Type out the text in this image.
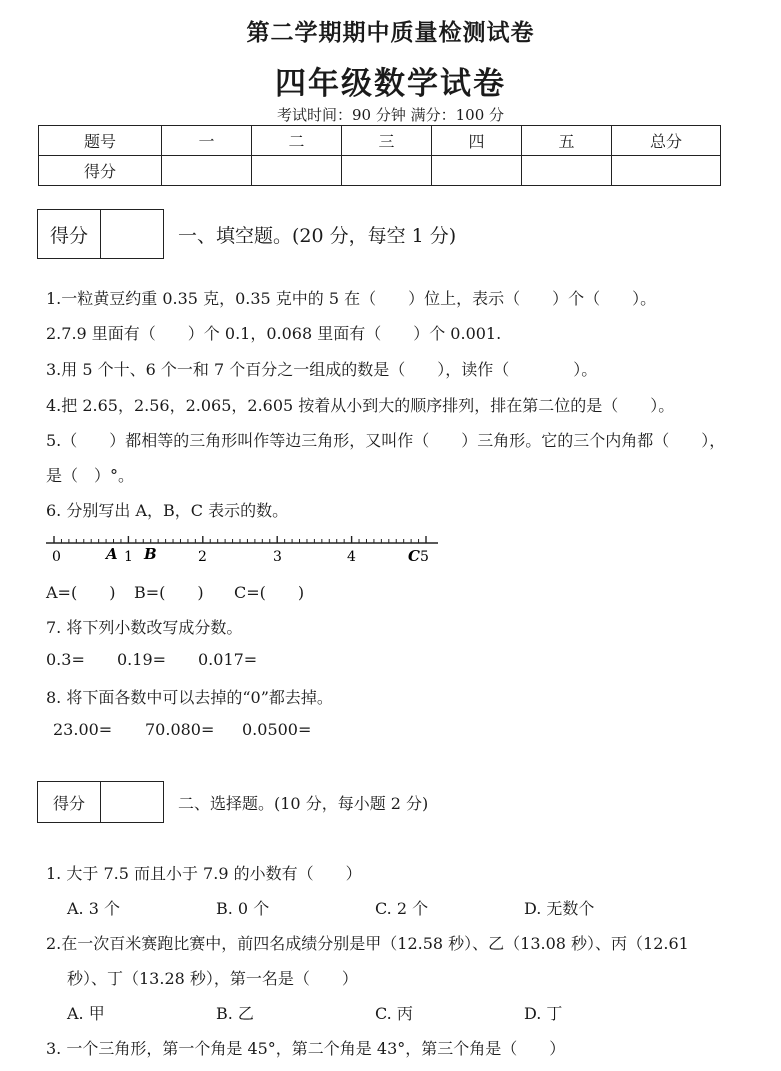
第二学期期中质量检测试卷
四年级数学试卷
考试时间：90 分钟 满分：100 分
题号	一	二	三	四	五	总分
得分						
得分	一、填空题。(20 分，每空 1 分)
1.一粒黄豆约重 0.35 克，0.35 克中的 5 在（　　）位上，表示（　　）个（　　）。
2.7.9 里面有（　　）个 0.1，0.068 里面有（　　）个 0.001.
3.用 5 个十、6 个一和 7 个百分之一组成的数是（　　），读作（　　　　）。
4.把 2.65，2.56，2.065，2.605 按着从小到大的顺序排列，排在第二位的是（　　）。
5.（　　）都相等的三角形叫作等边三角形，又叫作（　　）三角形。它的三个内角都（　　），
是（　）°。
6. 分别写出 A，B，C 表示的数。
0	1	2	3	4	5
A B	C
A=(　　) B=(　　) C=(　　)
7. 将下列小数改写成分数。
0.3= 0.19= 0.017=
8. 将下面各数中可以去掉的“0”都去掉。
23.00= 70.080= 0.0500=
得分	二、选择题。(10 分，每小题 2 分)
1. 大于 7.5 而且小于 7.9 的小数有（　　）
A. 3 个	B. 0 个	C. 2 个	D. 无数个
2.在一次百米赛跑比赛中，前四名成绩分别是甲（12.58 秒）、乙（13.08 秒）、丙（12.61
秒）、丁（13.28 秒），第一名是（　　）
A. 甲	B. 乙	C. 丙	D. 丁
3. 一个三角形，第一个角是 45°，第二个角是 43°，第三个角是（　　）
